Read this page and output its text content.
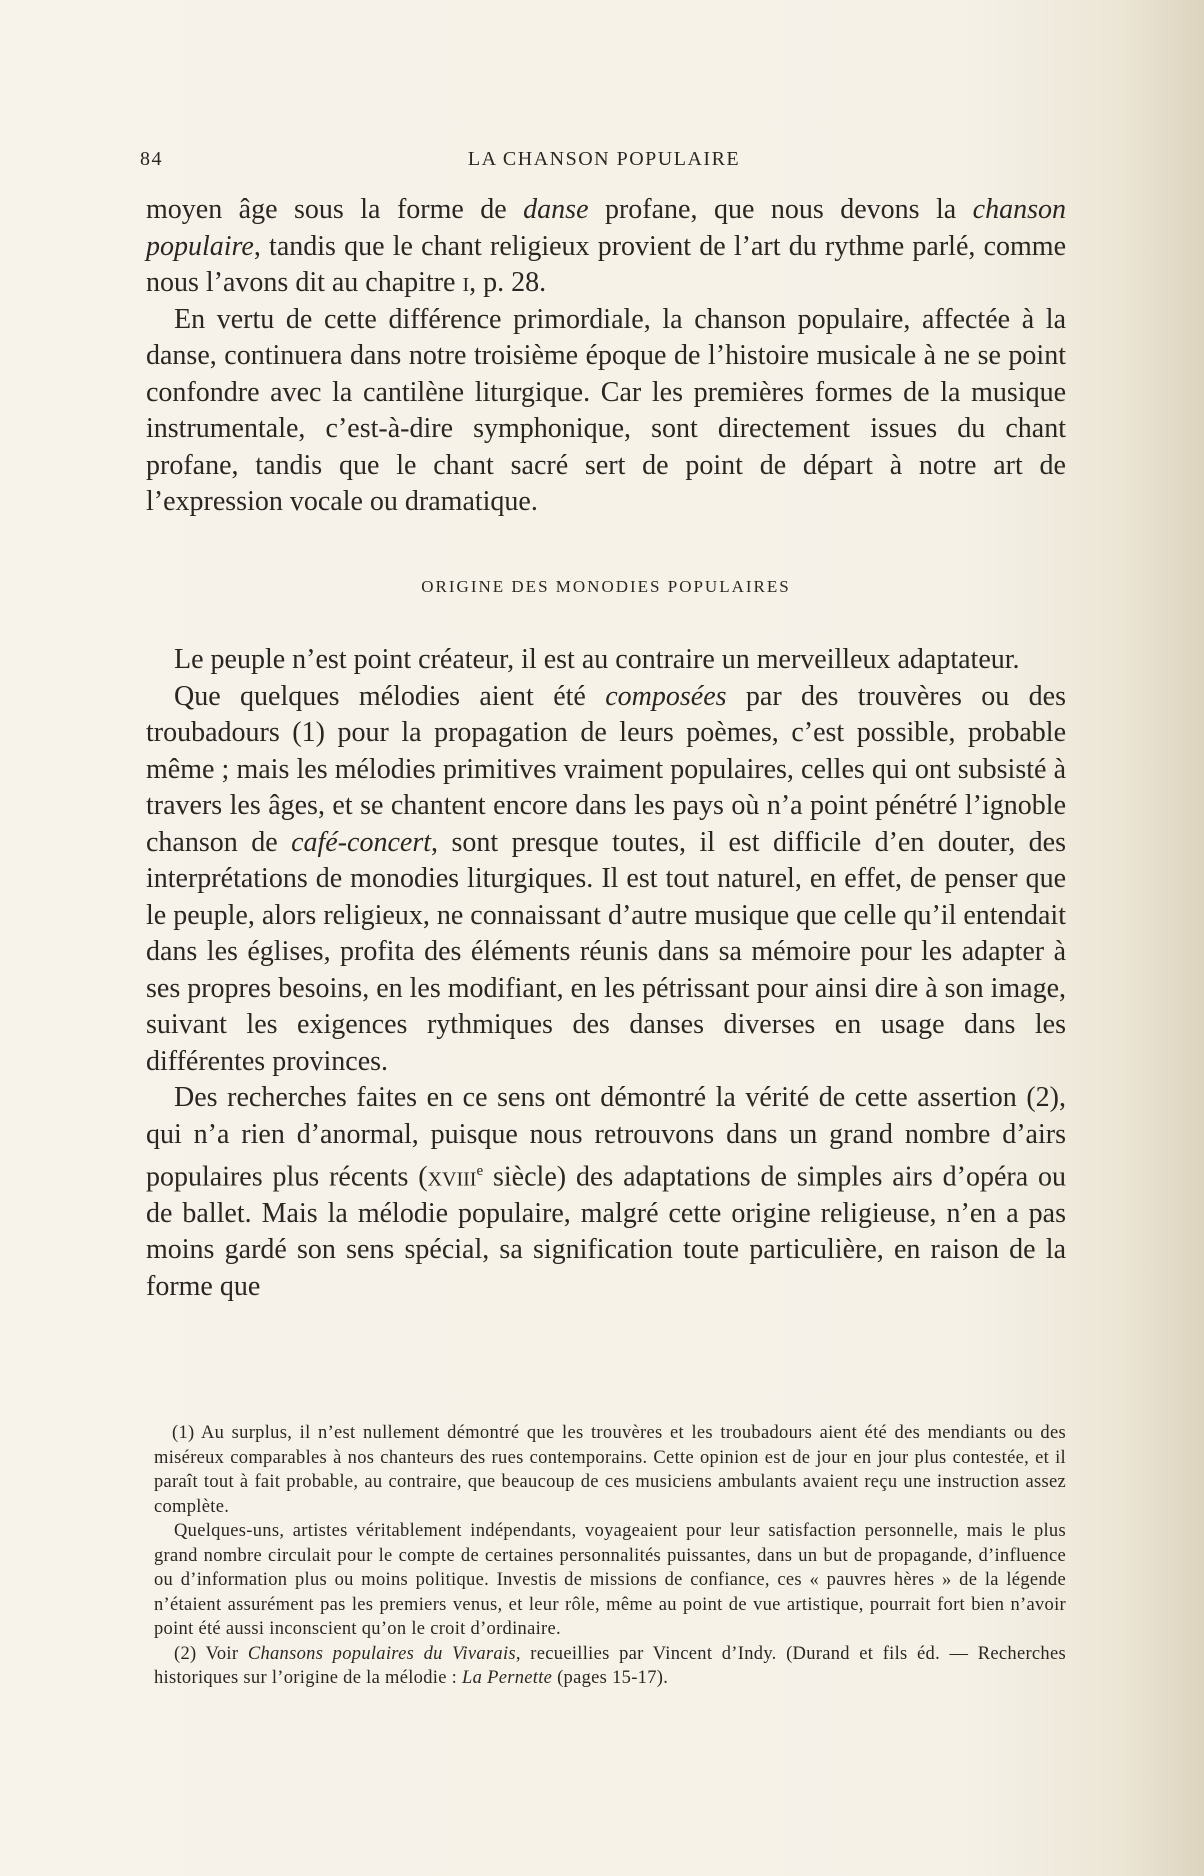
84	LA CHANSON POPULAIRE

moyen âge sous la forme de danse profane, que nous devons la chanson populaire, tandis que le chant religieux provient de l’art du rythme parlé, comme nous l’avons dit au chapitre i, p. 28.

En vertu de cette différence primordiale, la chanson populaire, affectée à la danse, continuera dans notre troisième époque de l’histoire musicale à ne se point confondre avec la cantilène liturgique. Car les premières formes de la musique instrumentale, c’est-à-dire symphonique, sont directement issues du chant profane, tandis que le chant sacré sert de point de départ à notre art de l’expression vocale ou dramatique.

ORIGINE DES MONODIES POPULAIRES

Le peuple n’est point créateur, il est au contraire un merveilleux adaptateur.

Que quelques mélodies aient été composées par des trouvères ou des troubadours (1) pour la propagation de leurs poèmes, c’est possible, probable même ; mais les mélodies primitives vraiment populaires, celles qui ont subsisté à travers les âges, et se chantent encore dans les pays où n’a point pénétré l’ignoble chanson de café-concert, sont presque toutes, il est difficile d’en douter, des interprétations de monodies liturgiques. Il est tout naturel, en effet, de penser que le peuple, alors religieux, ne connaissant d’autre musique que celle qu’il entendait dans les églises, profita des éléments réunis dans sa mémoire pour les adapter à ses propres besoins, en les modifiant, en les pétrissant pour ainsi dire à son image, suivant les exigences rythmiques des danses diverses en usage dans les différentes provinces.

Des recherches faites en ce sens ont démontré la vérité de cette assertion (2), qui n’a rien d’anormal, puisque nous retrouvons dans un grand nombre d’airs populaires plus récents (xviii$^e$ siècle) des adaptations de simples airs d’opéra ou de ballet. Mais la mélodie populaire, malgré cette origine religieuse, n’en a pas moins gardé son sens spécial, sa signification toute particulière, en raison de la forme que

(1) Au surplus, il n’est nullement démontré que les trouvères et les troubadours aient été des mendiants ou des miséreux comparables à nos chanteurs des rues contemporains. Cette opinion est de jour en jour plus contestée, et il paraît tout à fait probable, au contraire, que beaucoup de ces musiciens ambulants avaient reçu une instruction assez complète.

Quelques-uns, artistes véritablement indépendants, voyageaient pour leur satisfaction personnelle, mais le plus grand nombre circulait pour le compte de certaines personnalités puissantes, dans un but de propagande, d’influence ou d’information plus ou moins politique. Investis de missions de confiance, ces « pauvres hères » de la légende n’étaient assurément pas les premiers venus, et leur rôle, même au point de vue artistique, pourrait fort bien n’avoir point été aussi inconscient qu’on le croit d’ordinaire.

(2) Voir Chansons populaires du Vivarais, recueillies par Vincent d’Indy. (Durand et fils éd. — Recherches historiques sur l’origine de la mélodie : La Pernette (pages 15-17).
